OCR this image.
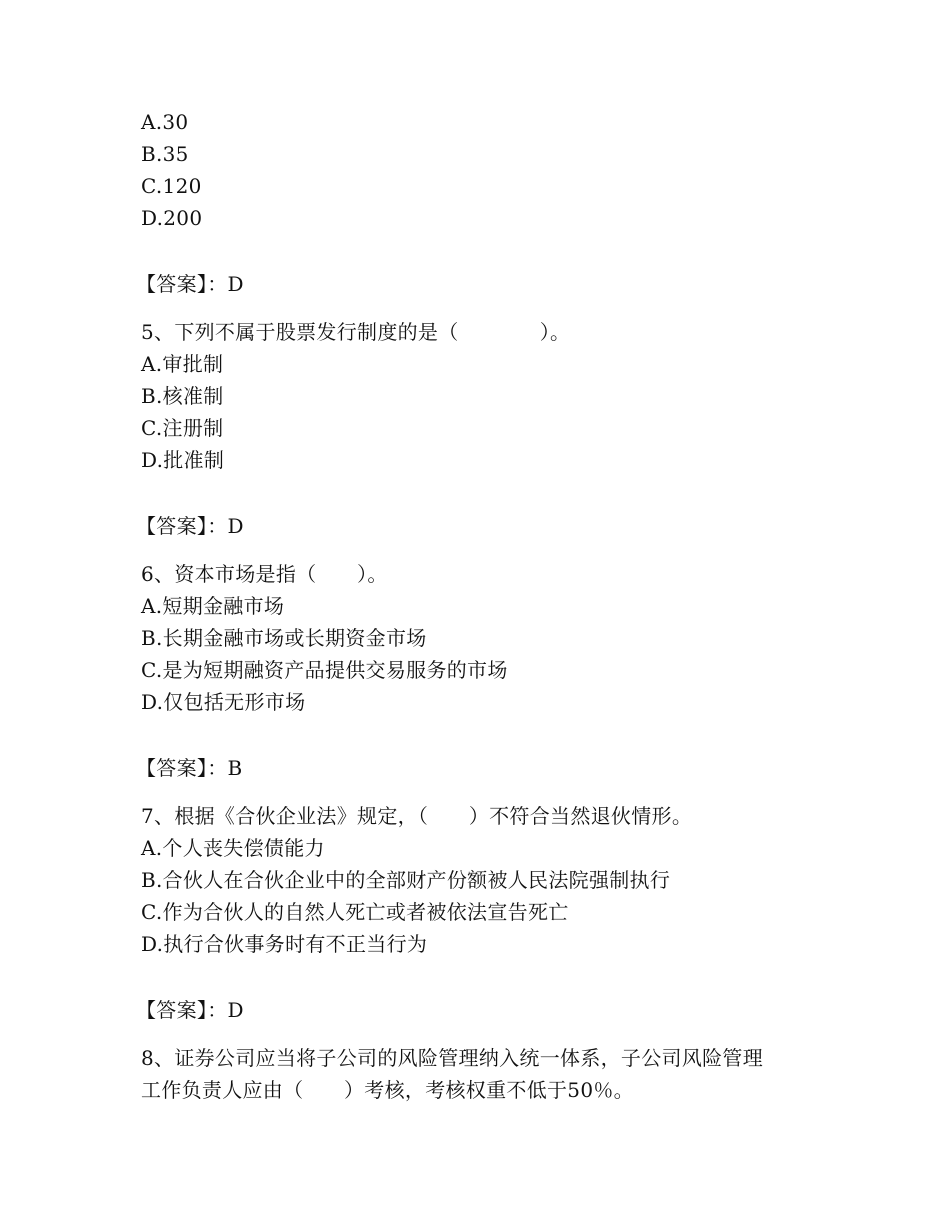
A.30
B.35
C.120
D.200
【答案】：D
5、下列不属于股票发行制度的是（　　　　）。
A.审批制
B.核准制
C.注册制
D.批准制
【答案】：D
6、资本市场是指（　　）。
A.短期金融市场
B.长期金融市场或长期资金市场
C.是为短期融资产品提供交易服务的市场
D.仅包括无形市场
【答案】：B
7、根据《合伙企业法》规定，（　　）不符合当然退伙情形。
A.个人丧失偿债能力
B.合伙人在合伙企业中的全部财产份额被人民法院强制执行
C.作为合伙人的自然人死亡或者被依法宣告死亡
D.执行合伙事务时有不正当行为
【答案】：D
8、证券公司应当将子公司的风险管理纳入统一体系，子公司风险管理
工作负责人应由（　　）考核，考核权重不低于50％。
